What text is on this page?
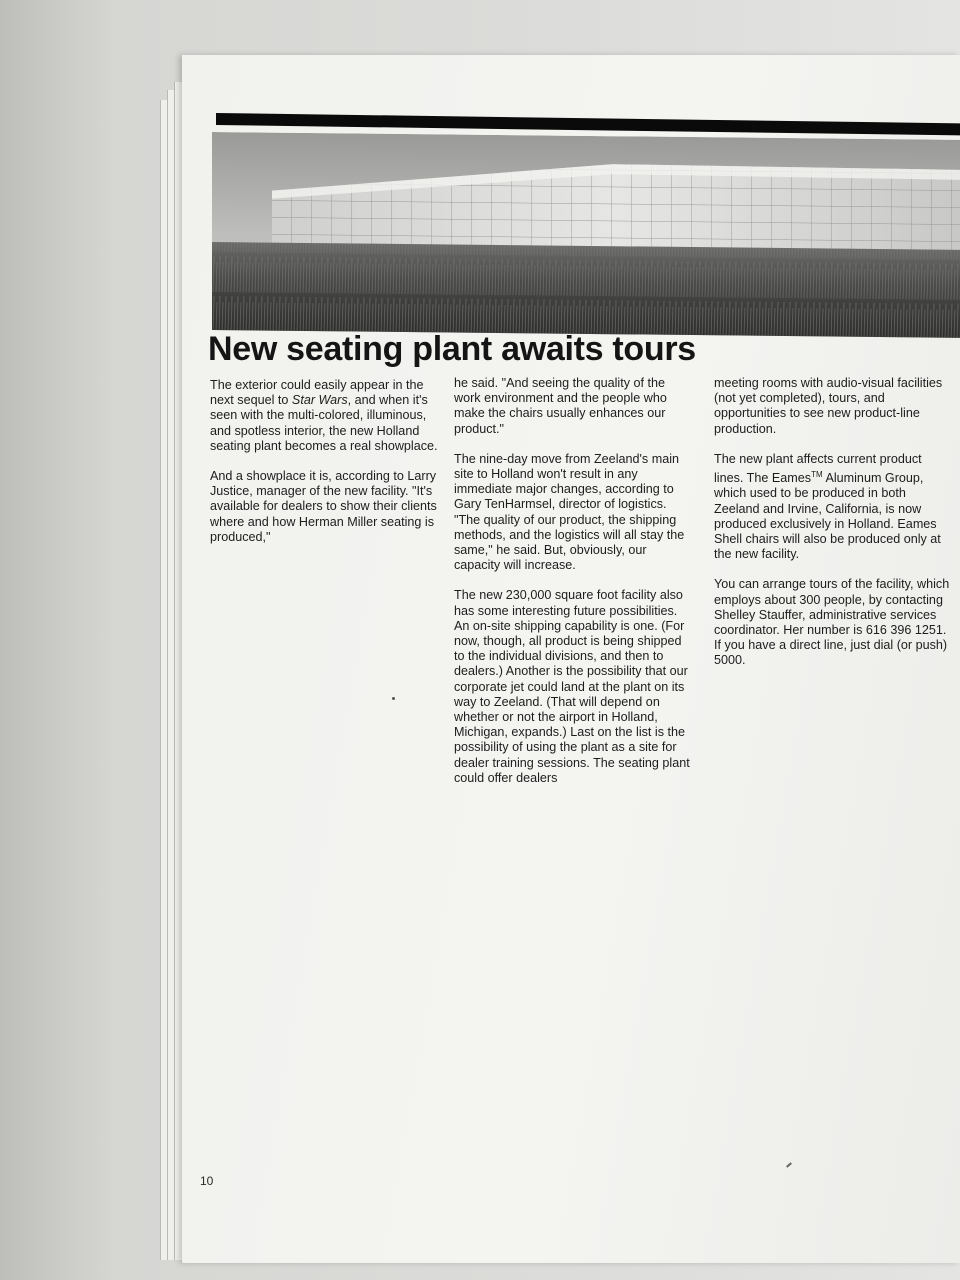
New seating plant awaits tours

The exterior could easily appear in the next sequel to Star Wars, and when it's seen with the multi-colored, illuminous, and spotless interior, the new Holland seating plant becomes a real showplace.

And a showplace it is, according to Larry Justice, manager of the new facility. "It's available for dealers to show their clients where and how Herman Miller seating is produced,"

he said. "And seeing the quality of the work environment and the people who make the chairs usually enhances our product."

The nine-day move from Zeeland's main site to Holland won't result in any immediate major changes, according to Gary TenHarmsel, director of logistics. "The quality of our product, the shipping methods, and the logistics will all stay the same," he said. But, obviously, our capacity will increase.

The new 230,000 square foot facility also has some interesting future possibilities. An on-site shipping capability is one. (For now, though, all product is being shipped to the individual divisions, and then to dealers.) Another is the possibility that our corporate jet could land at the plant on its way to Zeeland. (That will depend on whether or not the airport in Holland, Michigan, expands.) Last on the list is the possibility of using the plant as a site for dealer training sessions. The seating plant could offer dealers

meeting rooms with audio-visual facilities (not yet completed), tours, and opportunities to see new product-line production.

The new plant affects current product lines. The Eames™ Aluminum Group, which used to be produced in both Zeeland and Irvine, California, is now produced exclusively in Holland. Eames Shell chairs will also be produced only at the new facility.

You can arrange tours of the facility, which employs about 300 people, by contacting Shelley Stauffer, administrative services coordinator. Her number is 616 396 1251. If you have a direct line, just dial (or push) 5000.

10
